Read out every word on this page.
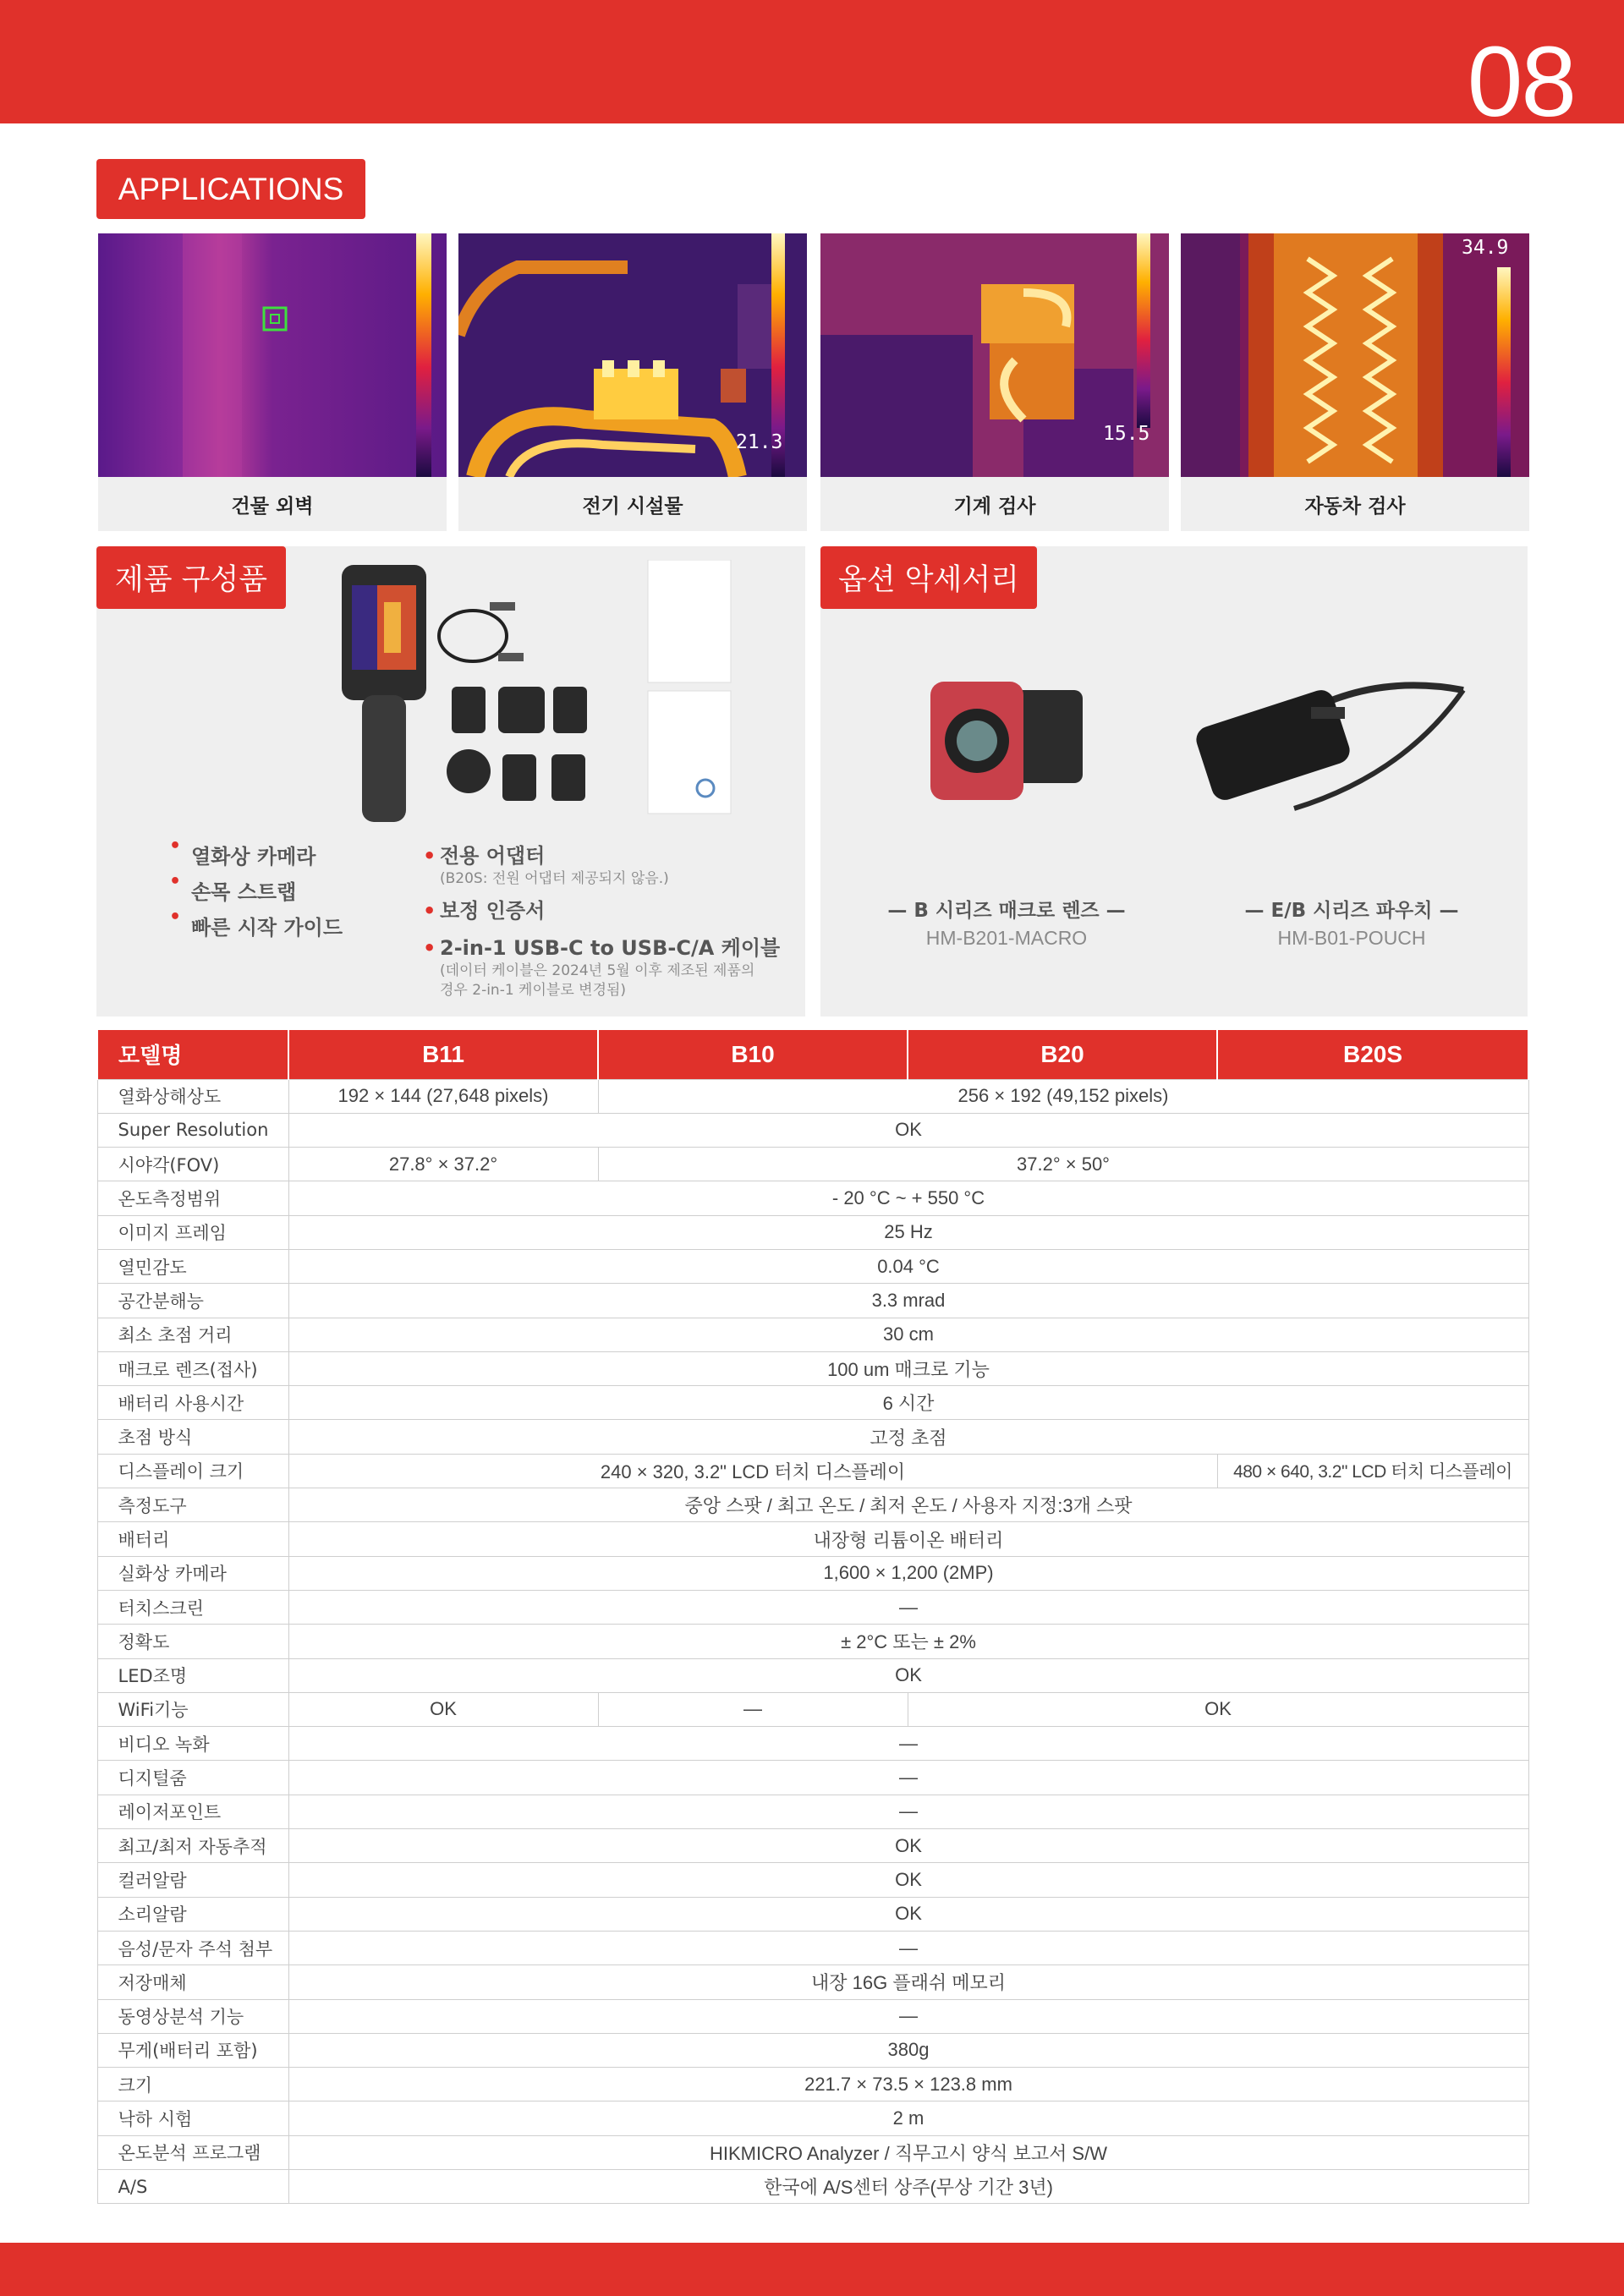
08
APPLICATIONS
건물 외벽
21.3
전기 시설물
15.5
기계 검사
34.9
자동차 검사
제품 구성품
• 열화상 카메라
• 손목 스트랩
• 빠른 시작 가이드
• 전용 어댑터
(B20S: 전원 어댑터 제공되지 않음.)
• 보정 인증서
• 2-in-1 USB-C to USB-C/A 케이블
(데이터 케이블은 2024년 5월 이후 제조된 제품의
경우 2-in-1 케이블로 변경됨)
— B 시리즈 매크로 렌즈 —
HM-B201-MACRO
— E/B 시리즈 파우치 —
HM-B01-POUCH
옵션 악세서리
모델명	B11	B10	B20	B20S
열화상해상도	192 × 144 (27,648 pixels)	256 × 192 (49,152 pixels)		
Super Resolution	OK			
시야각(FOV)	27.8° × 37.2°	37.2° × 50°		
온도측정범위	- 20 °C ~ + 550 °C			
이미지 프레임	25 Hz			
열민감도	0.04 °C			
공간분해능	3.3 mrad			
최소 초점 거리	30 cm			
매크로 렌즈(접사)	100 um 매크로 기능			
배터리 사용시간	6 시간			
초점 방식	고정 초점			
디스플레이 크기	240 × 320, 3.2" LCD 터치 디스플레이			480 × 640, 3.2" LCD 터치 디스플레이
측정도구	중앙 스팟 / 최고 온도 / 최저 온도 / 사용자 지정:3개 스팟			
배터리	내장형 리튬이온 배터리			
실화상 카메라	1,600 × 1,200 (2MP)			
터치스크린	—			
정확도	± 2°C 또는 ± 2%			
LED조명	OK			
WiFi기능	OK	—	OK	
비디오 녹화	—			
디지털줌	—			
레이저포인트	—			
최고/최저 자동추적	OK			
컬러알람	OK			
소리알람	OK			
음성/문자 주석 첨부	—			
저장매체	내장 16G 플래쉬 메모리			
동영상분석 기능	—			
무게(배터리 포함)	380g			
크기	221.7 × 73.5 × 123.8 mm			
낙하 시험	2 m			
온도분석 프로그램	HIKMICRO Analyzer / 직무고시 양식 보고서 S/W			
A/S	한국에 A/S센터 상주(무상 기간 3년)			
